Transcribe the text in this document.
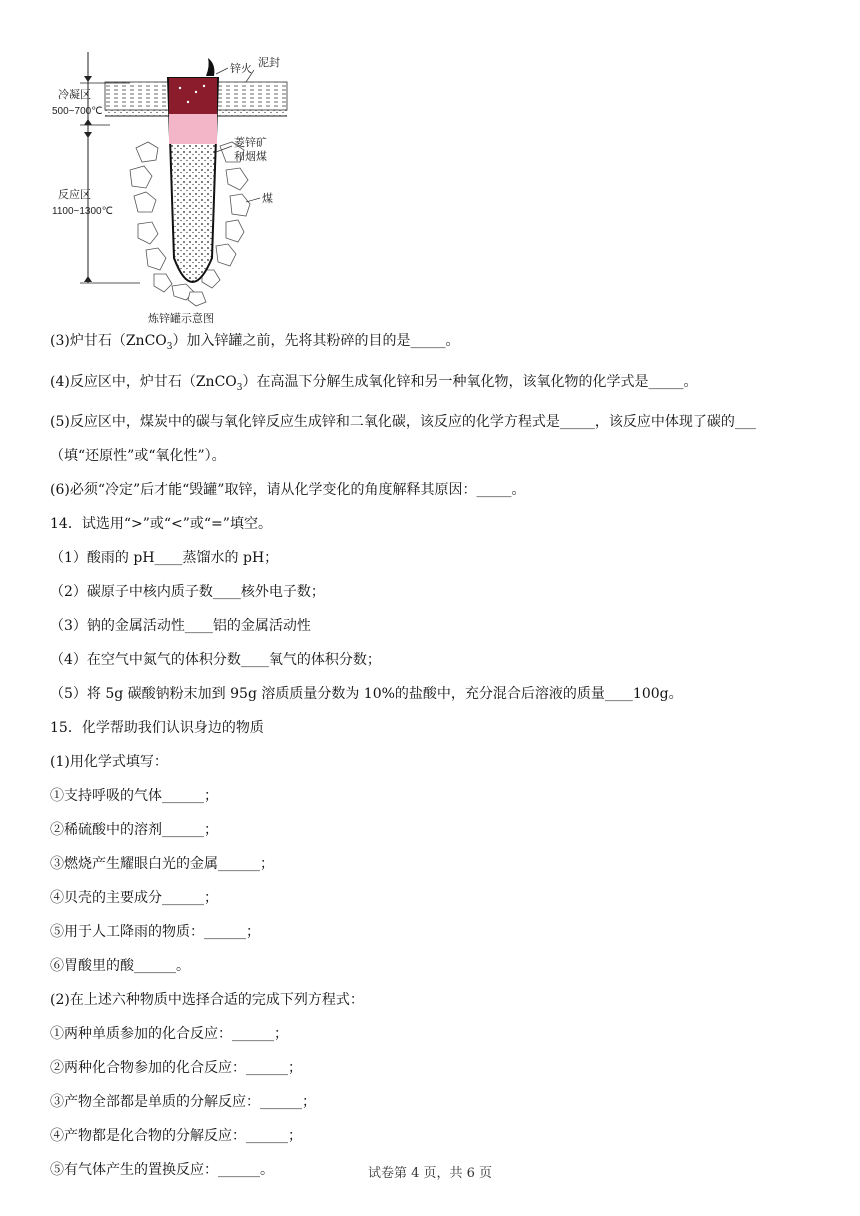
锌火 泥封
冷凝区
500~700℃
菱锌矿
和烟煤
反应区
1100~1300℃
煤
炼锌罐示意图

(3)炉甘石（ZnCO$_3$）加入锌罐之前，先将其粉碎的目的是_____。

(4)反应区中，炉甘石（ZnCO$_3$）在高温下分解生成氧化锌和另一种氧化物，该氧化物的化学式是_____。

(5)反应区中，煤炭中的碳与氧化锌反应生成锌和二氧化碳，该反应的化学方程式是_____，该反应中体现了碳的___

（填“还原性”或“氧化性”）。

(6)必须“冷定”后才能“毁罐”取锌，请从化学变化的角度解释其原因：_____。

14．试选用“>”或“<”或“=”填空。

（1）酸雨的 pH____蒸馏水的 pH；

（2）碳原子中核内质子数____核外电子数；

（3）钠的金属活动性____铝的金属活动性

（4）在空气中氮气的体积分数____氧气的体积分数；

（5）将 5g 碳酸钠粉末加到 95g 溶质质量分数为 10%的盐酸中，充分混合后溶液的质量____100g。

15．化学帮助我们认识身边的物质

(1)用化学式填写：

①支持呼吸的气体______；

②稀硫酸中的溶剂______；

③燃烧产生耀眼白光的金属______；

④贝壳的主要成分______；

⑤用于人工降雨的物质：______；

⑥胃酸里的酸______。

(2)在上述六种物质中选择合适的完成下列方程式：

①两种单质参加的化合反应：______；

②两种化合物参加的化合反应：______；

③产物全部都是单质的分解反应：______；

④产物都是化合物的分解反应：______；

⑤有气体产生的置换反应：______。	试卷第 4 页，共 6 页
